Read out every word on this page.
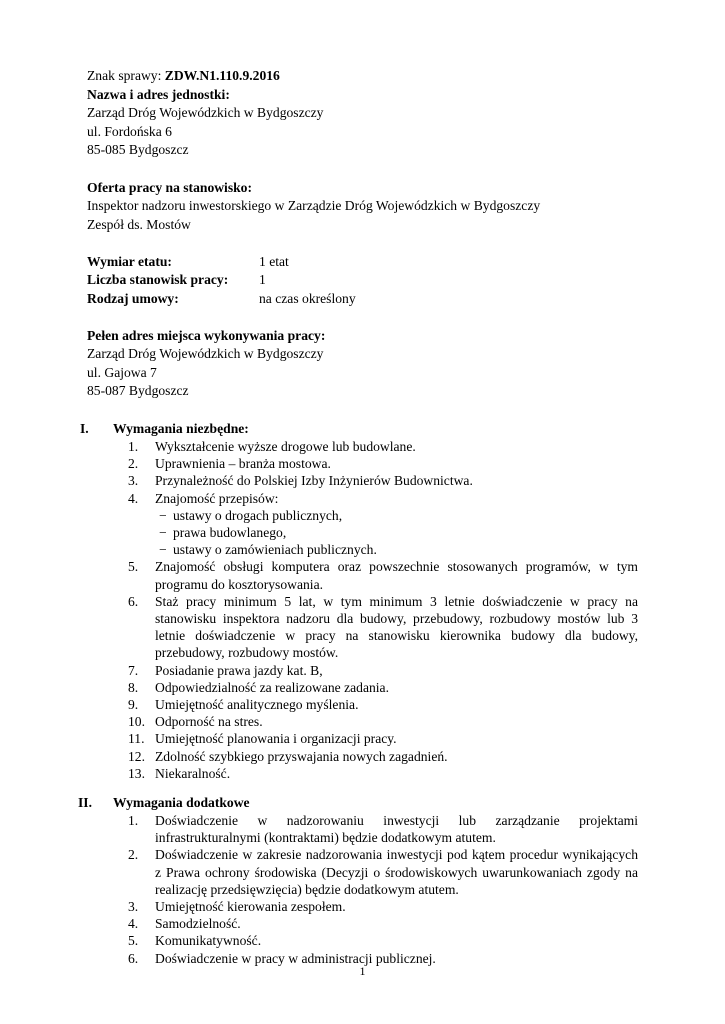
Znak sprawy: ZDW.N1.110.9.2016
Nazwa i adres jednostki:
Zarząd Dróg Wojewódzkich w Bydgoszczy
ul. Fordońska 6
85-085 Bydgoszcz
Oferta pracy na stanowisko:
Inspektor nadzoru inwestorskiego w Zarządzie Dróg Wojewódzkich w Bydgoszczy
Zespół ds. Mostów
Wymiar etatu:	1 etat
Liczba stanowisk pracy: 1
Rodzaj umowy:	na czas określony
Pełen adres miejsca wykonywania pracy:
Zarząd Dróg Wojewódzkich w Bydgoszczy
ul. Gajowa 7
85-087 Bydgoszcz
I. Wymagania niezbędne:
1.	Wykształcenie wyższe drogowe lub budowlane.
2.	Uprawnienia – branża mostowa.
3.	Przynależność do Polskiej Izby Inżynierów Budownictwa.
4.	Znajomość przepisów:
− ustawy o drogach publicznych,
− prawa budowlanego,
− ustawy o zamówieniach publicznych.
5.	Znajomość obsługi komputera oraz powszechnie stosowanych programów, w tym programu do kosztorysowania.
6.	Staż pracy minimum 5 lat, w tym minimum 3 letnie doświadczenie w pracy na stanowisku inspektora nadzoru dla budowy, przebudowy, rozbudowy mostów lub 3 letnie doświadczenie w pracy na stanowisku kierownika budowy dla budowy, przebudowy, rozbudowy mostów.
7.	Posiadanie prawa jazdy kat. B,
8.	Odpowiedzialność za realizowane zadania.
9.	Umiejętność analitycznego myślenia.
10. Odporność na stres.
11. Umiejętność planowania i organizacji pracy.
12. Zdolność szybkiego przyswajania nowych zagadnień.
13. Niekaralność.
II. Wymagania dodatkowe
1.	Doświadczenie w nadzorowaniu inwestycji lub zarządzanie projektami infrastrukturalnymi (kontraktami) będzie dodatkowym atutem.
2.	Doświadczenie w zakresie nadzorowania inwestycji pod kątem procedur wynikających z Prawa ochrony środowiska (Decyzji o środowiskowych uwarunkowaniach zgody na realizację przedsięwzięcia) będzie dodatkowym atutem.
3.	Umiejętność kierowania zespołem.
4.	Samodzielność.
5.	Komunikatywność.
6.	Doświadczenie w pracy w administracji publicznej.
1
